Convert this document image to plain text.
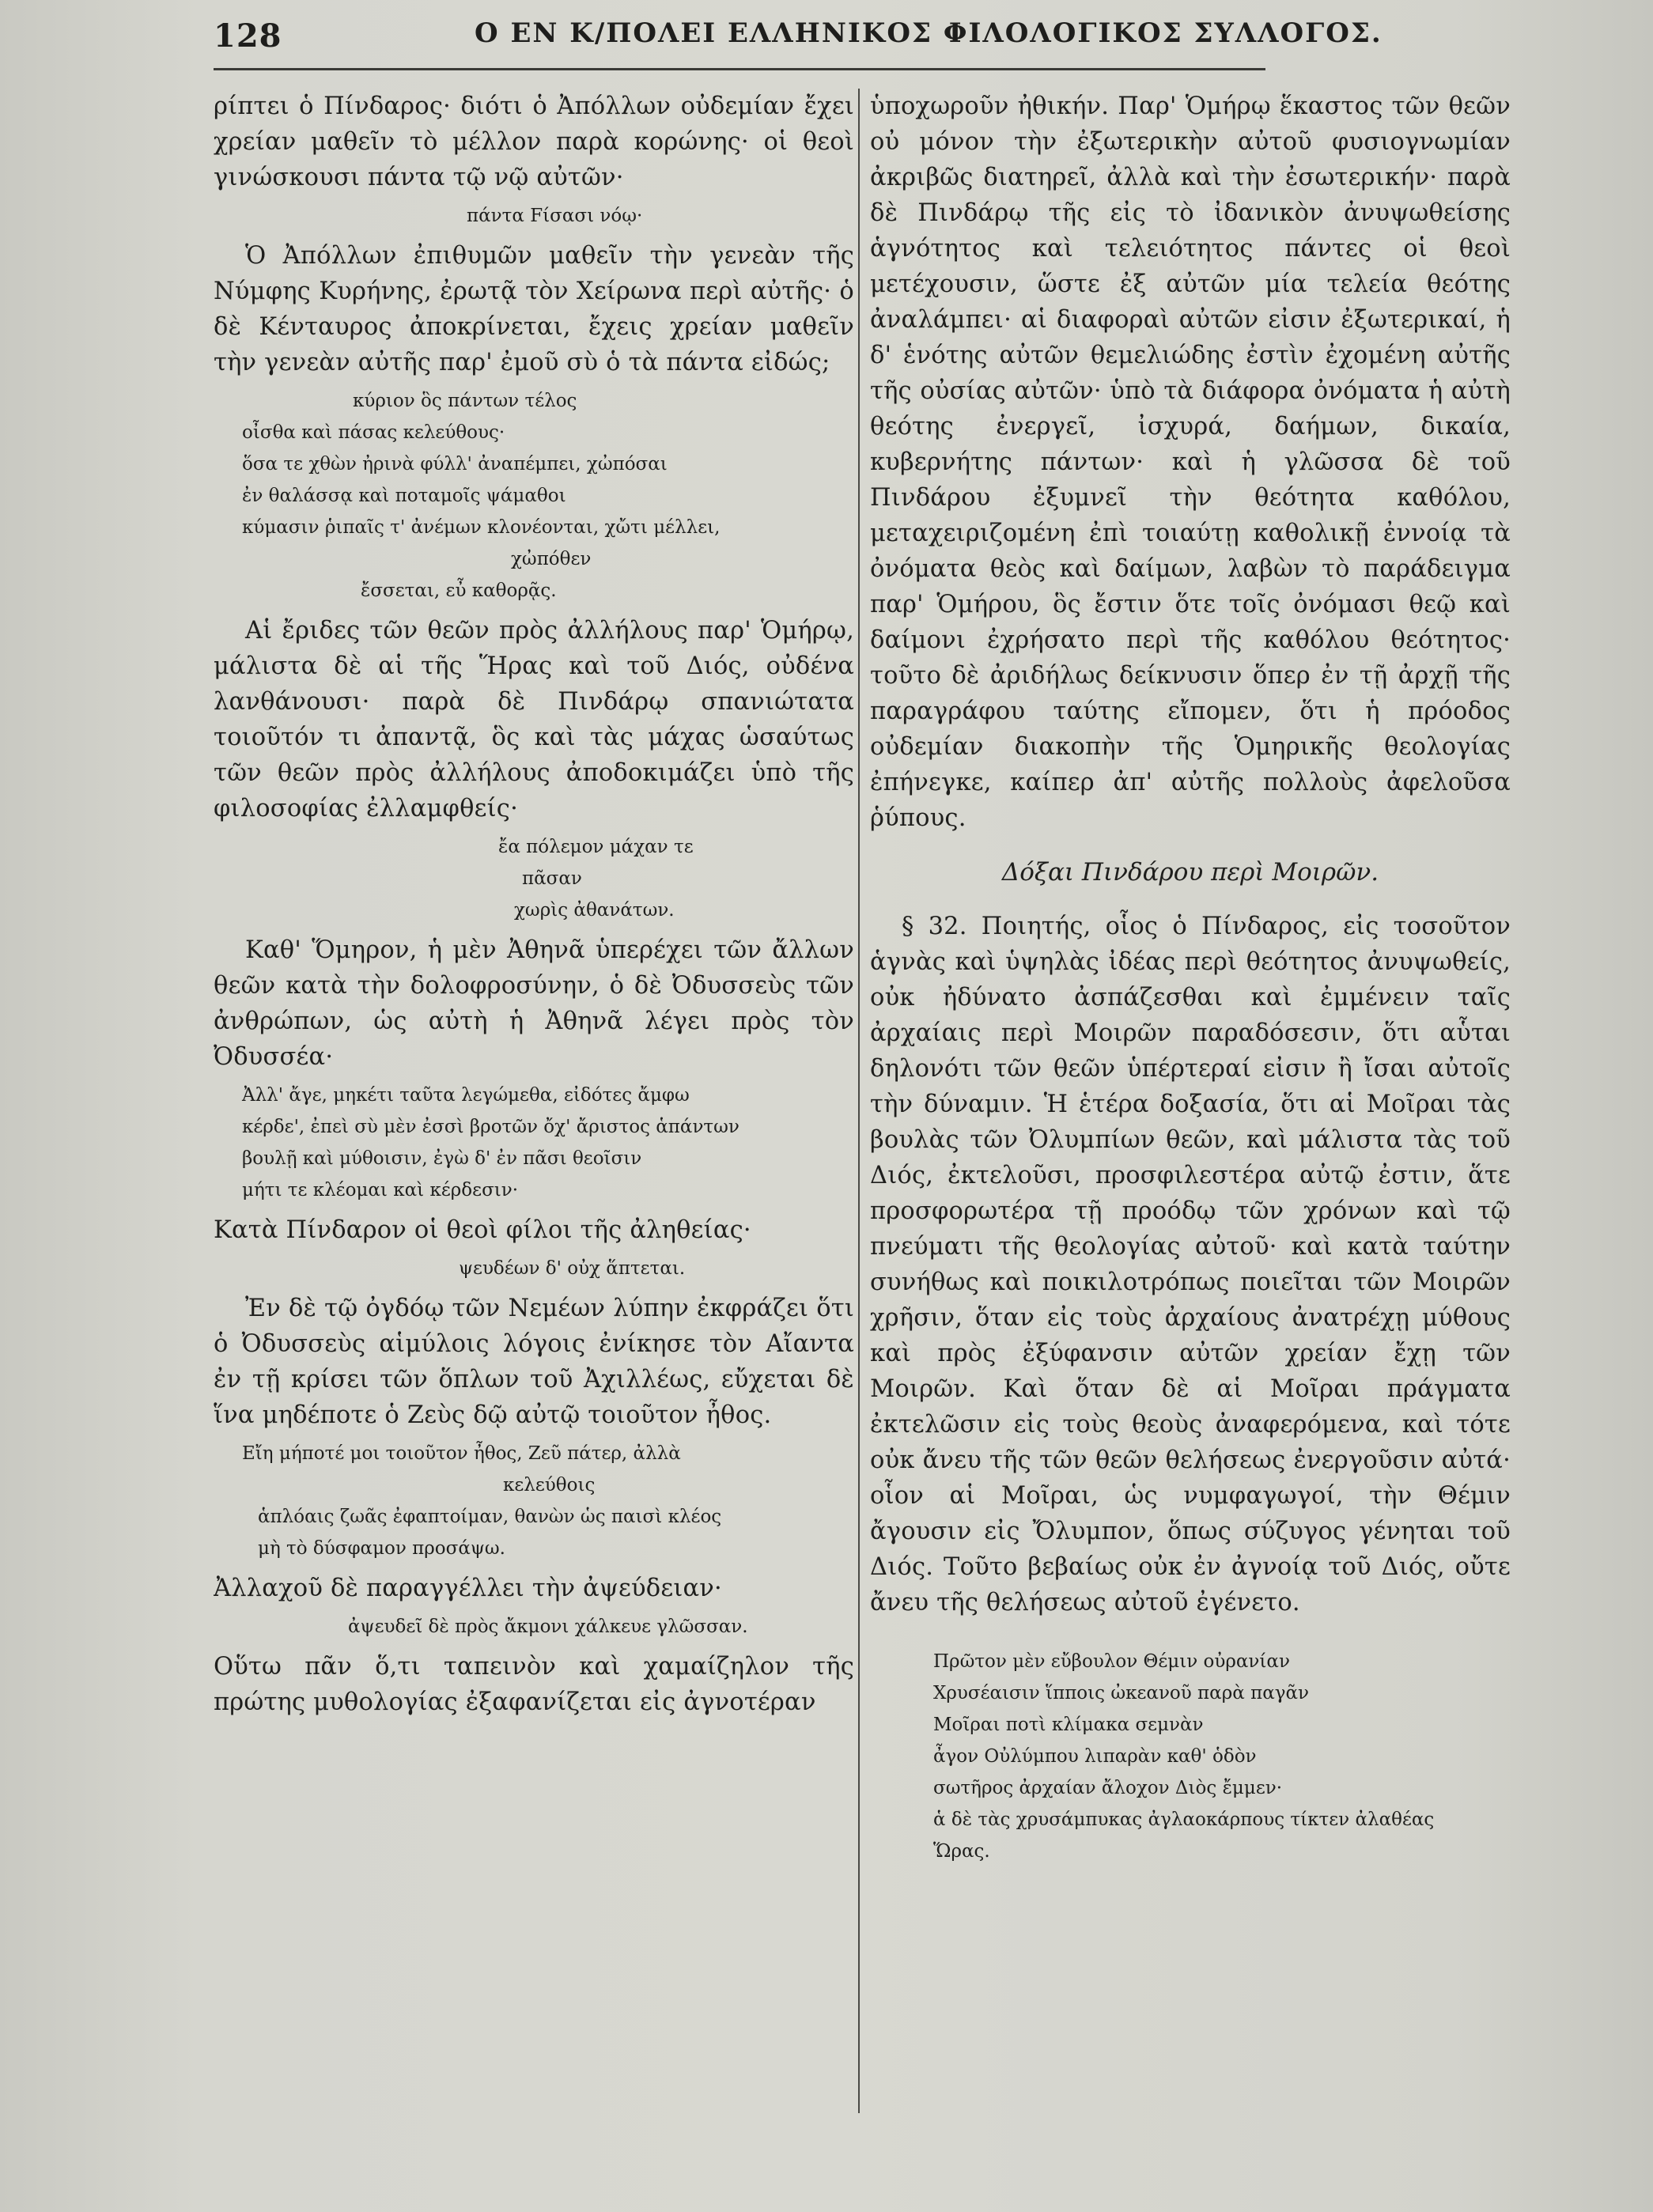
128	Ο ΕΝ Κ/ΠΟΛΕΙ ΕΛΛΗΝΙΚΟΣ ΦΙΛΟΛΟΓΙΚΟΣ ΣΥΛΛΟΓΟΣ.

ρίπτει ὁ Πίνδαρος· διότι ὁ Ἀπόλλων οὐδεμίαν ἔχει χρείαν μαθεῖν τὸ μέλλον παρὰ κορώνης· οἱ θεοὶ γινώσκουσι πάντα τῷ νῷ αὐτῶν·

πάντα Fίσασι νόῳ·

Ὁ Ἀπόλλων ἐπιθυμῶν μαθεῖν τὴν γενεὰν τῆς Νύμφης Κυρήνης, ἐρωτᾷ τὸν Χείρωνα περὶ αὐτῆς· ὁ δὲ Κένταυρος ἀποκρίνεται, ἔχεις χρείαν μαθεῖν τὴν γενεὰν αὐτῆς παρ' ἐμοῦ σὺ ὁ τὰ πάντα εἰδώς;

κύριον ὃς πάντων τέλος
οἶσθα καὶ πάσας κελεύθους·
ὅσα τε χθὼν ἠρινὰ φύλλ' ἀναπέμπει, χὠπόσαι
ἐν θαλάσσᾳ καὶ ποταμοῖς ψάμαθοι
κύμασιν ῥιπαῖς τ' ἀνέμων κλονέονται, χὤτι μέλλει,
χὠπόθεν
ἔσσεται, εὖ καθορᾷς.

Αἱ ἔριδες τῶν θεῶν πρὸς ἀλλήλους παρ' Ὁμήρῳ, μάλιστα δὲ αἱ τῆς Ἥρας καὶ τοῦ Διός, οὐδένα λανθάνουσι· παρὰ δὲ Πινδάρῳ σπανιώτατα τοιοῦτόν τι ἀπαντᾷ, ὃς καὶ τὰς μάχας ὡσαύτως τῶν θεῶν πρὸς ἀλλήλους ἀποδοκιμάζει ὑπὸ τῆς φιλοσοφίας ἐλλαμφθείς·

ἔα πόλεμον μάχαν τε
πᾶσαν
χωρὶς ἀθανάτων.

Καθ' Ὅμηρον, ἡ μὲν Ἀθηνᾶ ὑπερέχει τῶν ἄλλων θεῶν κατὰ τὴν δολοφροσύνην, ὁ δὲ Ὀδυσσεὺς τῶν ἀνθρώπων, ὡς αὐτὴ ἡ Ἀθηνᾶ λέγει πρὸς τὸν Ὀδυσσέα·

Ἀλλ' ἄγε, μηκέτι ταῦτα λεγώμεθα, εἰδότες ἄμφω
κέρδε', ἐπεὶ σὺ μὲν ἐσσὶ βροτῶν ὄχ' ἄριστος ἁπάντων
βουλῇ καὶ μύθοισιν, ἐγὼ δ' ἐν πᾶσι θεοῖσιν
μήτι τε κλέομαι καὶ κέρδεσιν·

Κατὰ Πίνδαρον οἱ θεοὶ φίλοι τῆς ἀληθείας·

ψευδέων δ' οὐχ ἅπτεται.

Ἐν δὲ τῷ ὀγδόῳ τῶν Νεμέων λύπην ἐκφράζει ὅτι ὁ Ὀδυσσεὺς αἱμύλοις λόγοις ἐνίκησε τὸν Αἴαντα ἐν τῇ κρίσει τῶν ὅπλων τοῦ Ἀχιλλέως, εὔχεται δὲ ἵνα μηδέποτε ὁ Ζεὺς δῷ αὐτῷ τοιοῦτον ἦθος.

Εἴη μήποτέ μοι τοιοῦτον ἦθος, Ζεῦ πάτερ, ἀλλὰ
κελεύθοις
ἁπλόαις ζωᾶς ἐφαπτοίμαν, θανὼν ὡς παισὶ κλέος
μὴ τὸ δύσφαμον προσάψω.

Ἀλλαχοῦ δὲ παραγγέλλει τὴν ἀψεύδειαν·

ἀψευδεῖ δὲ πρὸς ἄκμονι χάλκευε γλῶσσαν.

Οὕτω πᾶν ὅ,τι ταπεινὸν καὶ χαμαίζηλον τῆς πρώτης μυθολογίας ἐξαφανίζεται εἰς ἀγνοτέραν

ὑποχωροῦν ἠθικήν. Παρ' Ὁμήρῳ ἕκαστος τῶν θεῶν οὐ μόνον τὴν ἐξωτερικὴν αὐτοῦ φυσιογνωμίαν ἀκριβῶς διατηρεῖ, ἀλλὰ καὶ τὴν ἐσωτερικήν· παρὰ δὲ Πινδάρῳ τῆς εἰς τὸ ἰδανικὸν ἀνυψωθείσης ἁγνότητος καὶ τελειότητος πάντες οἱ θεοὶ μετέχουσιν, ὥστε ἐξ αὐτῶν μία τελεία θεότης ἀναλάμπει· αἱ διαφοραὶ αὐτῶν εἰσιν ἐξωτερικαί, ἡ δ' ἑνότης αὐτῶν θεμελιώδης ἐστὶν ἐχομένη αὐτῆς τῆς οὐσίας αὐτῶν· ὑπὸ τὰ διάφορα ὀνόματα ἡ αὐτὴ θεότης ἐνεργεῖ, ἰσχυρά, δαήμων, δικαία, κυβερνήτης πάντων· καὶ ἡ γλῶσσα δὲ τοῦ Πινδάρου ἐξυμνεῖ τὴν θεότητα καθόλου, μεταχειριζομένη ἐπὶ τοιαύτῃ καθολικῇ ἐννοίᾳ τὰ ὀνόματα θεὸς καὶ δαίμων, λαβὼν τὸ παράδειγμα παρ' Ὁμήρου, ὃς ἔστιν ὅτε τοῖς ὀνόμασι θεῷ καὶ δαίμονι ἐχρήσατο περὶ τῆς καθόλου θεότητος· τοῦτο δὲ ἀριδήλως δείκνυσιν ὅπερ ἐν τῇ ἀρχῇ τῆς παραγράφου ταύτης εἴπομεν, ὅτι ἡ πρόοδος οὐδεμίαν διακοπὴν τῆς Ὁμηρικῆς θεολογίας ἐπήνεγκε, καίπερ ἀπ' αὐτῆς πολλοὺς ἀφελοῦσα ῥύπους.

Δόξαι Πινδάρου περὶ Μοιρῶν.

§ 32. Ποιητής, οἷος ὁ Πίνδαρος, εἰς τοσοῦτον ἁγνὰς καὶ ὑψηλὰς ἰδέας περὶ θεότητος ἀνυψωθείς, οὐκ ἠδύνατο ἀσπάζεσθαι καὶ ἐμμένειν ταῖς ἀρχαίαις περὶ Μοιρῶν παραδόσεσιν, ὅτι αὗται δηλονότι τῶν θεῶν ὑπέρτεραί εἰσιν ἢ ἴσαι αὐτοῖς τὴν δύναμιν. Ἡ ἑτέρα δοξασία, ὅτι αἱ Μοῖραι τὰς βουλὰς τῶν Ὀλυμπίων θεῶν, καὶ μάλιστα τὰς τοῦ Διός, ἐκτελοῦσι, προσφιλεστέρα αὐτῷ ἐστιν, ἅτε προσφορωτέρα τῇ προόδῳ τῶν χρόνων καὶ τῷ πνεύματι τῆς θεολογίας αὐτοῦ· καὶ κατὰ ταύτην συνήθως καὶ ποικιλοτρόπως ποιεῖται τῶν Μοιρῶν χρῆσιν, ὅταν εἰς τοὺς ἀρχαίους ἀνατρέχῃ μύθους καὶ πρὸς ἐξύφανσιν αὐτῶν χρείαν ἔχῃ τῶν Μοιρῶν. Καὶ ὅταν δὲ αἱ Μοῖραι πράγματα ἐκτελῶσιν εἰς τοὺς θεοὺς ἀναφερόμενα, καὶ τότε οὐκ ἄνευ τῆς τῶν θεῶν θελήσεως ἐνεργοῦσιν αὐτά· οἷον αἱ Μοῖραι, ὡς νυμφαγωγοί, τὴν Θέμιν ἄγουσιν εἰς Ὄλυμπον, ὅπως σύζυγος γένηται τοῦ Διός. Τοῦτο βεβαίως οὐκ ἐν ἀγνοίᾳ τοῦ Διός, οὔτε ἄνευ τῆς θελήσεως αὐτοῦ ἐγένετο.

Πρῶτον μὲν εὔβουλον Θέμιν οὐρανίαν
Χρυσέαισιν ἵπποις ὠκεανοῦ παρὰ παγᾶν
Μοῖραι ποτὶ κλίμακα σεμνὰν
ἆγον Οὐλύμπου λιπαρὰν καθ' ὁδὸν
σωτῆρος ἀρχαίαν ἄλοχον Διὸς ἔμμεν·
ἁ δὲ τὰς χρυσάμπυκας ἀγλαοκάρπους τίκτεν ἀλαθέας Ὥρας.
